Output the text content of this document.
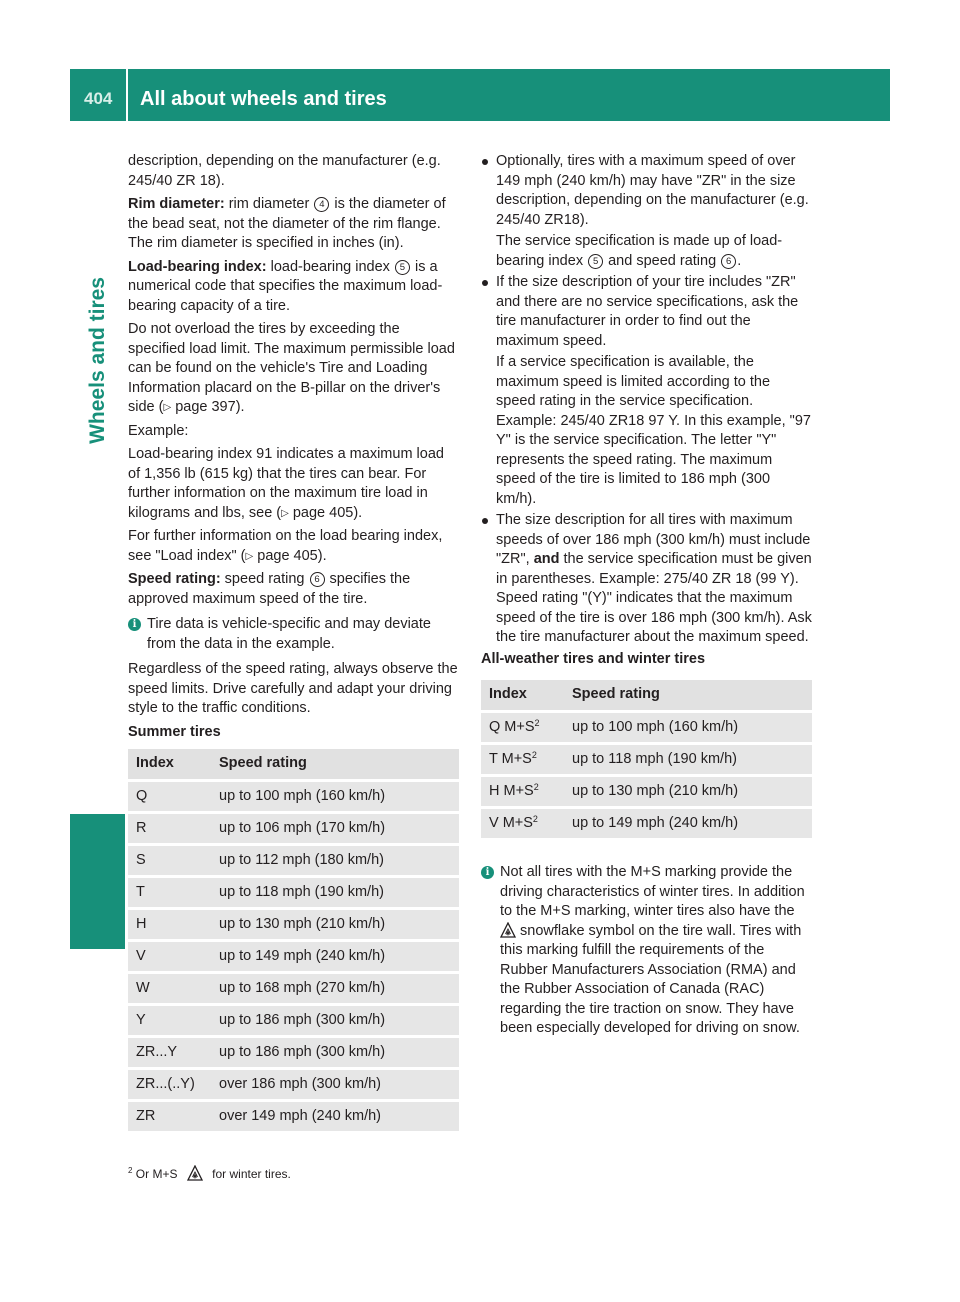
404 All about wheels and tires
Wheels and tires

description, depending on the manufacturer (e.g. 245/40 ZR 18).

Rim diameter: rim diameter 4 is the diameter of the bead seat, not the diameter of the rim flange. The rim diameter is specified in inches (in).

Load-bearing index: load-bearing index 5 is a numerical code that specifies the maximum load-bearing capacity of a tire.

Do not overload the tires by exceeding the specified load limit. The maximum permissible load can be found on the vehicle's Tire and Loading Information placard on the B-pillar on the driver's side (▷ page 397).

Example:

Load-bearing index 91 indicates a maximum load of 1,356 lb (615 kg) that the tires can bear. For further information on the maximum tire load in kilograms and lbs, see (▷ page 405).

For further information on the load bearing index, see "Load index" (▷ page 405).

Speed rating: speed rating 6 specifies the approved maximum speed of the tire.

i Tire data is vehicle-specific and may deviate from the data in the example.

Regardless of the speed rating, always observe the speed limits. Drive carefully and adapt your driving style to the traffic conditions.

Summer tires

Index	Speed rating
Q	up to 100 mph (160 km/h)
R	up to 106 mph (170 km/h)
S	up to 112 mph (180 km/h)
T	up to 118 mph (190 km/h)
H	up to 130 mph (210 km/h)
V	up to 149 mph (240 km/h)
W	up to 168 mph (270 km/h)
Y	up to 186 mph (300 km/h)
ZR...Y	up to 186 mph (300 km/h)
ZR...(..Y)	over 186 mph (300 km/h)
ZR	over 149 mph (240 km/h)

Optionally, tires with a maximum speed of over 149 mph (240 km/h) may have "ZR" in the size description, depending on the manufacturer (e.g. 245/40 ZR18).

The service specification is made up of load-bearing index 5 and speed rating 6 .

If the size description of your tire includes "ZR" and there are no service specifications, ask the tire manufacturer in order to find out the maximum speed.

If a service specification is available, the maximum speed is limited according to the speed rating in the service specification. Example: 245/40 ZR18 97 Y. In this example, "97 Y" is the service specification. The letter "Y" represents the speed rating. The maximum speed of the tire is limited to 186 mph (300 km/h).

The size description for all tires with maximum speeds of over 186 mph (300 km/h) must include "ZR", and the service specification must be given in parentheses. Example: 275/40 ZR 18 (99 Y). Speed rating "(Y)" indicates that the maximum speed of the tire is over 186 mph (300 km/h). Ask the tire manufacturer about the maximum speed.

All-weather tires and winter tires

Index	Speed rating
Q $M+S^2$	up to 100 mph (160 km/h)
T $M+S^2$	up to 118 mph (190 km/h)
H $M+S^2$	up to 130 mph (210 km/h)
V $M+S^2$	up to 149 mph (240 km/h)
i Not all tires with the M+S marking provide the driving characteristics of winter tires. In addition to the M+S marking, winter tires also have the  snowflake symbol on the tire wall. Tires with this marking fulfill the requirements of the Rubber Manufacturers Association (RMA) and the Rubber Association of Canada (RAC) regarding the tire traction on snow. They have been especially developed for driving on snow.
$^2$ Or M+S	for winter tires.
